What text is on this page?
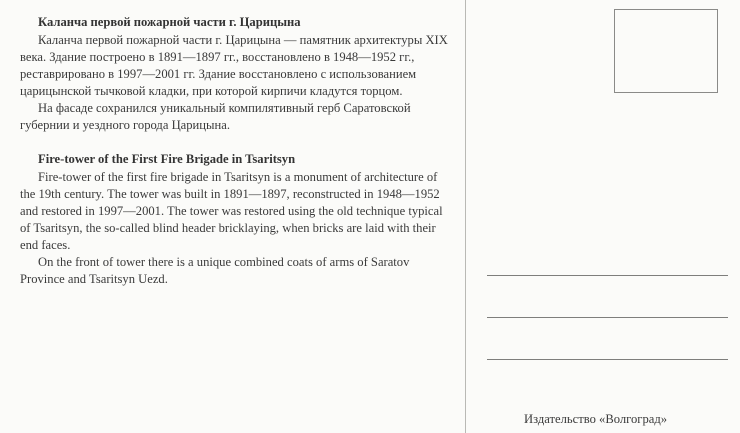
Каланча первой пожарной части г. Царицына

Каланча первой пожарной части г. Царицына — памятник архитектуры XIX века. Здание построено в 1891—1897 гг., восстановлено в 1948—1952 гг., реставрировано в 1997—2001 гг. Здание восстановлено с использованием царицынской тычковой кладки, при которой кирпичи кладутся торцом.

На фасаде сохранился уникальный компилятивный герб Саратовской губернии и уездного города Царицына.

Fire-tower of the First Fire Brigade in Tsaritsyn

Fire-tower of the first fire brigade in Tsaritsyn is a monument of architecture of the 19th century. The tower was built in 1891—1897, reconstructed in 1948—1952 and restored in 1997—2001. The tower was restored using the old technique typical of Tsaritsyn, the so-called blind header bricklaying, when bricks are laid with their end faces.

On the front of tower there is a unique combined coats of arms of Saratov Province and Tsaritsyn Uezd.

Издательство «Волгоград»
